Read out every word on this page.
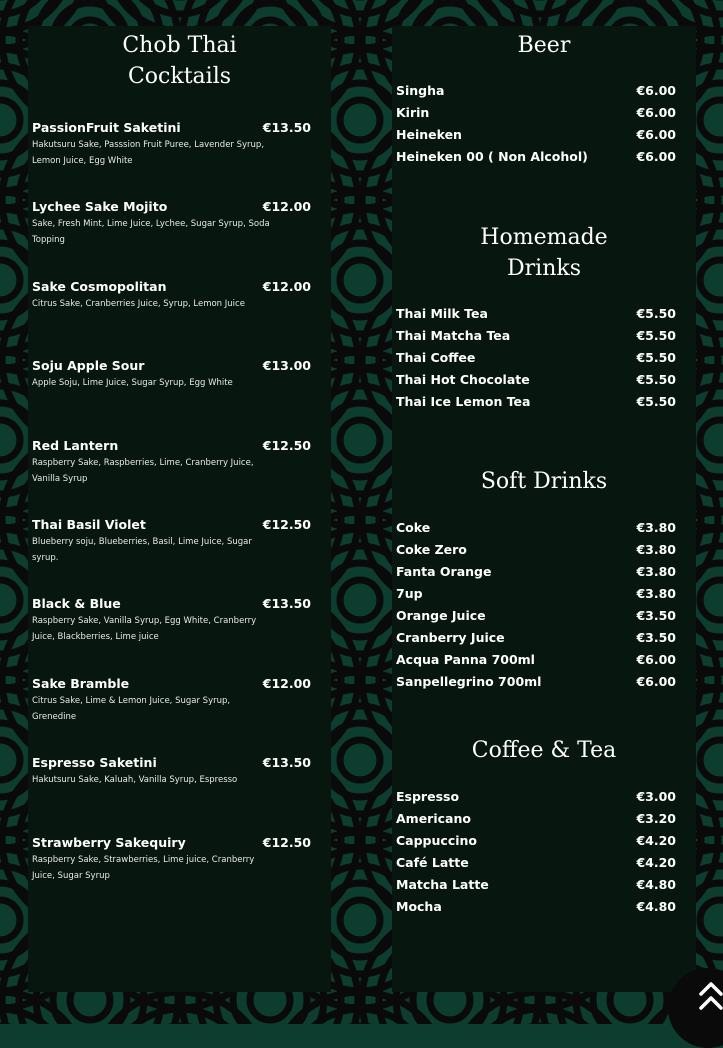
Chob Thai
Cocktails
PassionFruit Saketini	€13.50
Hakutsuru Sake, Passsion Fruit Puree, Lavender Syrup, Lemon Juice, Egg White
Lychee Sake Mojito	€12.00
Sake, Fresh Mint, Lime Juice, Lychee, Sugar Syrup, Soda Topping
Sake Cosmopolitan	€12.00
Citrus Sake, Cranberries Juice, Syrup, Lemon Juice
Soju Apple Sour	€13.00
Apple Soju, Lime Juice, Sugar Syrup, Egg White
Red Lantern	€12.50
Raspberry Sake, Raspberries, Lime, Cranberry Juice, Vanilla Syrup
Thai Basil Violet	€12.50
Blueberry soju, Blueberries, Basil, Lime Juice, Sugar syrup.
Black & Blue	€13.50
Raspberry Sake, Vanilla Syrup, Egg White, Cranberry Juice, Blackberries, Lime juice
Sake Bramble	€12.00
Citrus Sake, Lime & Lemon Juice, Sugar Syrup, Grenedine
Espresso Saketini	€13.50
Hakutsuru Sake, Kaluah, Vanilla Syrup, Espresso
Strawberry Sakequiry	€12.50
Raspberry Sake, Strawberries, Lime juice, Cranberry Juice, Sugar Syrup
Beer
Singha	€6.00
Kirin	€6.00
Heineken	€6.00
Heineken 00 ( Non Alcohol)	€6.00
Homemade
Drinks
Thai Milk Tea	€5.50
Thai Matcha Tea	€5.50
Thai Coffee	€5.50
Thai Hot Chocolate	€5.50
Thai Ice Lemon Tea	€5.50
Soft Drinks
Coke	€3.80
Coke Zero	€3.80
Fanta Orange	€3.80
7up	€3.80
Orange Juice	€3.50
Cranberry Juice	€3.50
Acqua Panna 700ml	€6.00
Sanpellegrino 700ml	€6.00
Coffee & Tea
Espresso	€3.00
Americano	€3.20
Cappuccino	€4.20
Café Latte	€4.20
Matcha Latte	€4.80
Mocha	€4.80
